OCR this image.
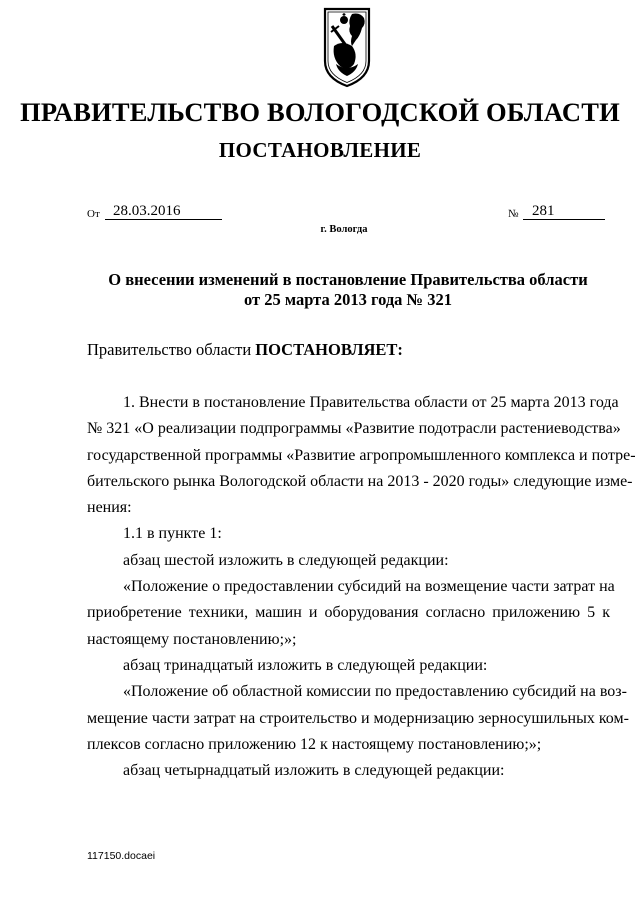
ПРАВИТЕЛЬСТВО ВОЛОГОДСКОЙ ОБЛАСТИ
ПОСТАНОВЛЕНИЕ
От 28.03.2016	№ 281
г. Вологда
О внесении изменений в постановление Правительства области
от 25 марта 2013 года № 321
Правительство области ПОСТАНОВЛЯЕТ:
1. Внести в постановление Правительства области от 25 марта 2013 года
№ 321 «О реализации подпрограммы «Развитие подотрасли растениеводства»
государственной программы «Развитие агропромышленного комплекса и потре-
бительского рынка Вологодской области на 2013 - 2020 годы» следующие изме-
нения:
1.1 в пункте 1:
абзац шестой изложить в следующей редакции:
«Положение о предоставлении субсидий на возмещение части затрат на
приобретение техники, машин и оборудования согласно приложению 5 к
настоящему постановлению;»;
абзац тринадцатый изложить в следующей редакции:
«Положение об областной комиссии по предоставлению субсидий на воз-
мещение части затрат на строительство и модернизацию зерносушильных ком-
плексов согласно приложению 12 к настоящему постановлению;»;
абзац четырнадцатый изложить в следующей редакции:
117150.docaei
